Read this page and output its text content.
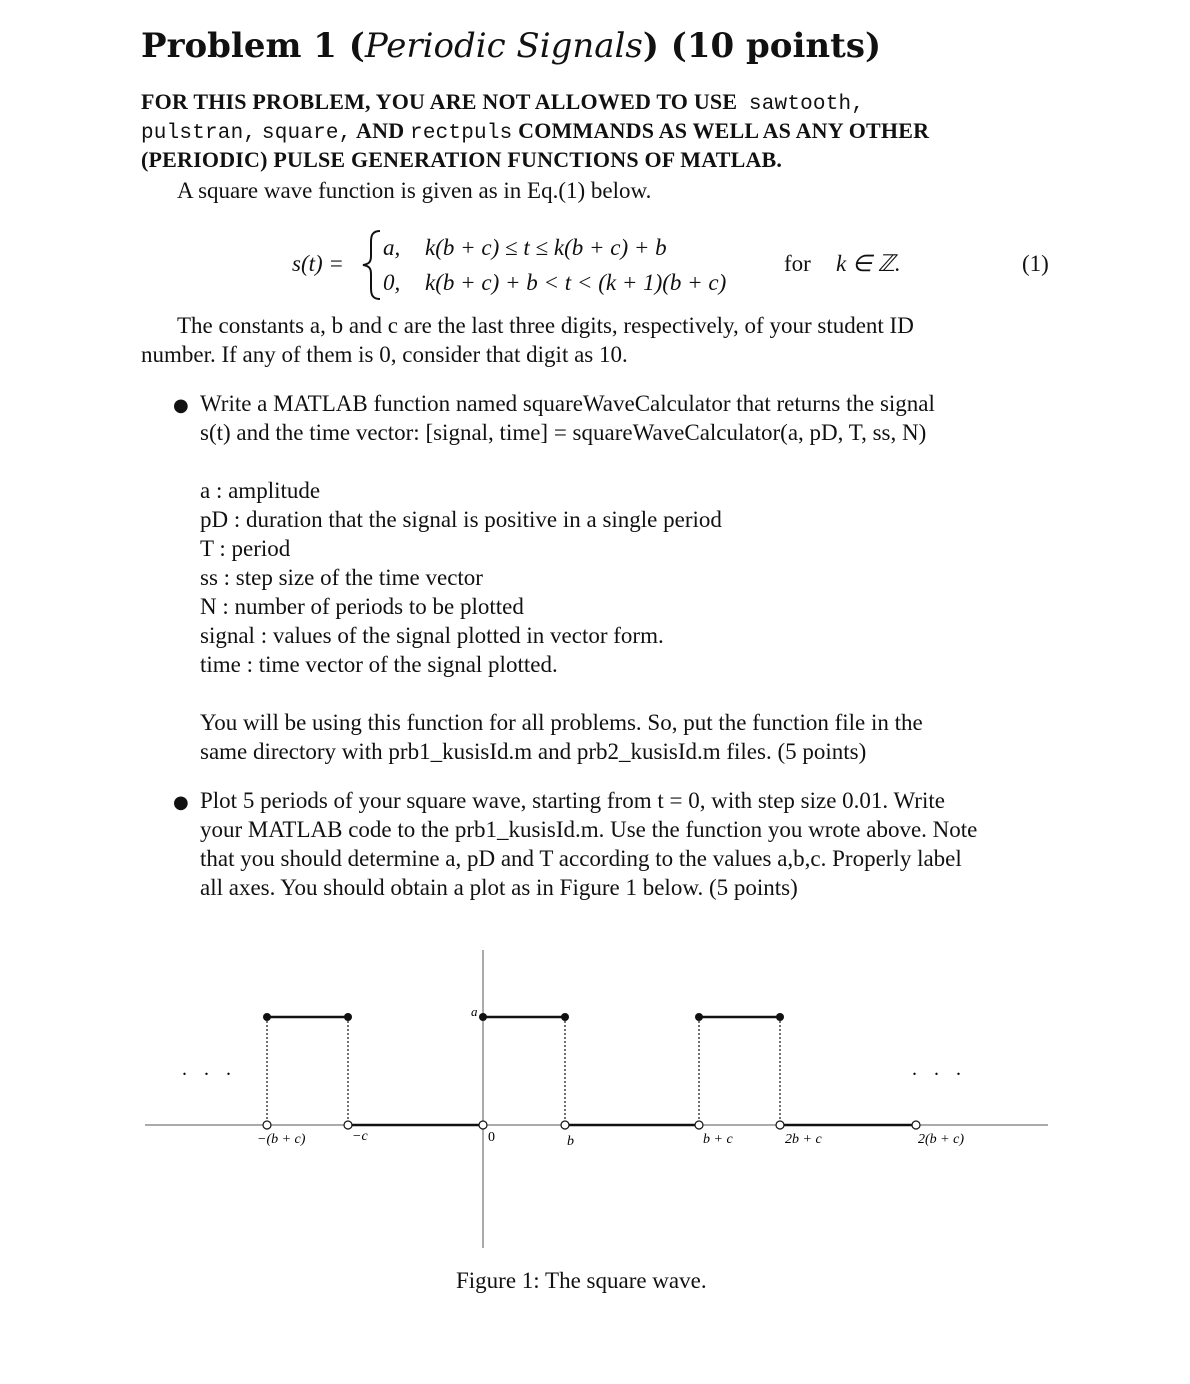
Problem 1 (Periodic Signals) (10 points)
FOR THIS PROBLEM, YOU ARE NOT ALLOWED TO USE sawtooth,
pulstran, square, AND rectpuls COMMANDS AS WELL AS ANY OTHER
(PERIODIC) PULSE GENERATION FUNCTIONS OF MATLAB.
A square wave function is given as in Eq.(1) below.
s(t) =
a, k(b + c) ≤ t ≤ k(b + c) + b
0, k(b + c) + b < t < (k + 1)(b + c)
for k ∈ ℤ.	(1)
The constants a, b and c are the last three digits, respectively, of your student ID
number. If any of them is 0, consider that digit as 10.
● Write a MATLAB function named squareWaveCalculator that returns the signal
s(t) and the time vector: [signal, time] = squareWaveCalculator(a, pD, T, ss, N)
a : amplitude
pD : duration that the signal is positive in a single period
T : period
ss : step size of the time vector
N : number of periods to be plotted
signal : values of the signal plotted in vector form.
time : time vector of the signal plotted.
You will be using this function for all problems. So, put the function file in the
same directory with prb1_kusisId.m and prb2_kusisId.m files. (5 points)
● Plot 5 periods of your square wave, starting from t = 0, with step size 0.01. Write
your MATLAB code to the prb1_kusisId.m. Use the function you wrote above. Note
that you should determine a, pD and T according to the values a,b,c. Properly label
all axes. You should obtain a plot as in Figure 1 below. (5 points)
a
. . .	. . .
−(b + c)	−c	0	b	b + c	2b + c	2(b + c)
Figure 1: The square wave.
